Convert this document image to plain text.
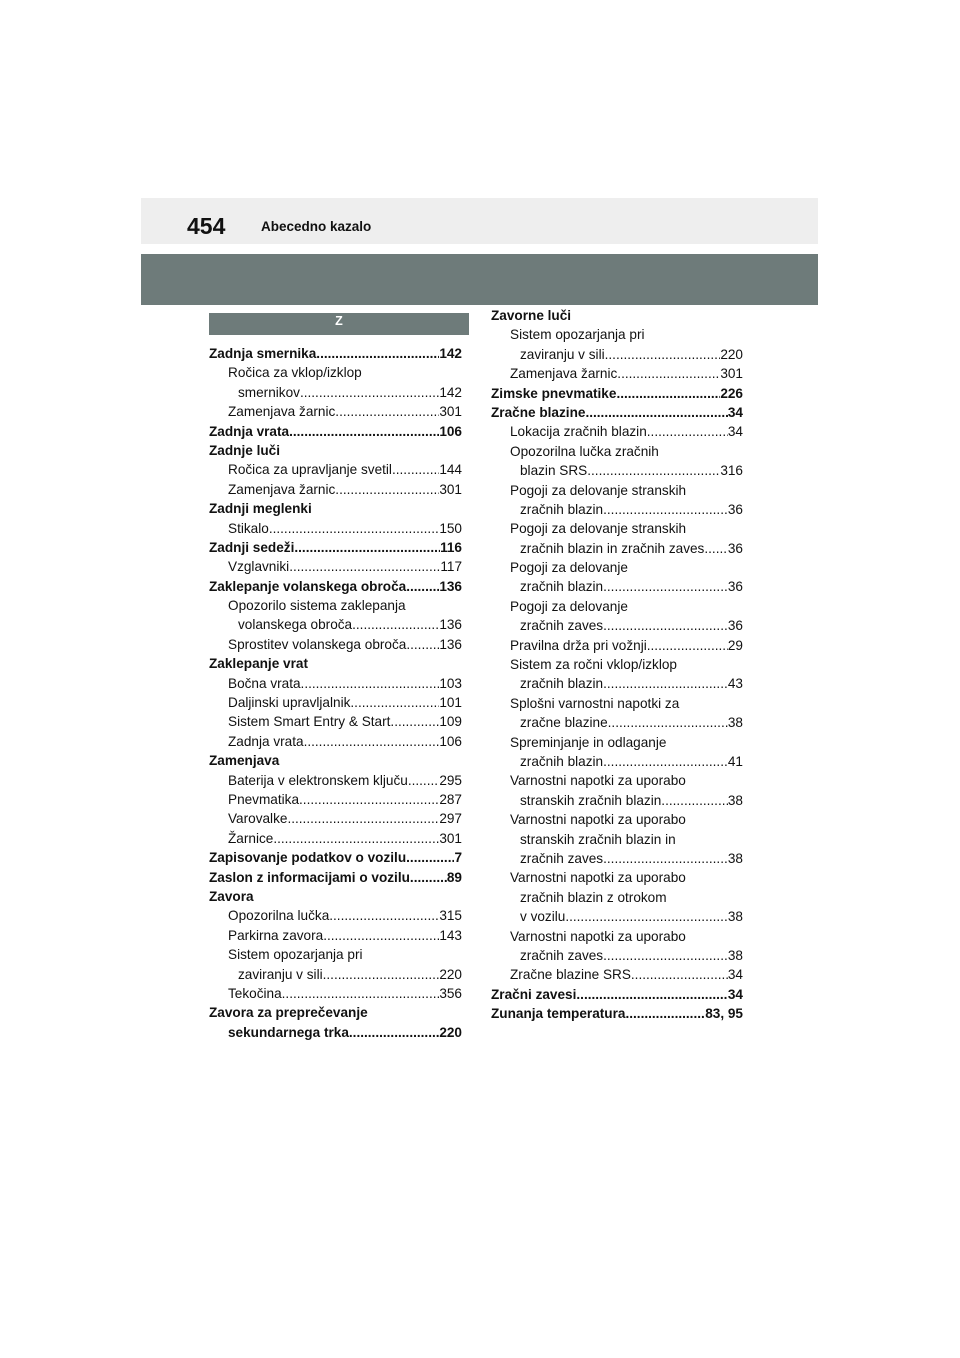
454	Abecedno kazalo
Z
Zadnja smernika .....	142
Ročica za vklop/izklop
smernikov .....	142
Zamenjava žarnic .....	301
Zadnja vrata .....	106
Zadnje luči
Ročica za upravljanje svetil .....	144
Zamenjava žarnic .....	301
Zadnji meglenki
Stikalo .....	150
Zadnji sedeži .....	116
Vzglavniki .....	117
Zaklepanje volanskega obroča ..... 136
Opozorilo sistema zaklepanja
volanskega obroča .....	136
Sprostitev volanskega obroča ..... 136
Zaklepanje vrat
Bočna vrata .....	103
Daljinski upravljalnik .....	101
Sistem Smart Entry & Start .....	109
Zadnja vrata .....	106
Zamenjava
Baterija v elektronskem ključu ..... 295
Pnevmatika .....	287
Varovalke .....	297
Žarnice .....	301
Zapisovanje podatkov o vozilu .....	7
Zaslon z informacijami o vozilu .....	89
Zavora
Opozorilna lučka .....	315
Parkirna zavora .....	143
Sistem opozarjanja pri
zaviranju v sili .....	220
Tekočina .....	356
Zavora za preprečevanje
sekundarnega trka .....	220
Zavorne luči
Sistem opozarjanja pri
zaviranju v sili .....	220
Zamenjava žarnic .....	301
Zimske pnevmatike .....	226
Zračne blazine .....	34
Lokacija zračnih blazin .....	34
Opozorilna lučka zračnih
blazin SRS .....	316
Pogoji za delovanje stranskih
zračnih blazin .....	36
Pogoji za delovanje stranskih
zračnih blazin in zračnih zaves ..... 36
Pogoji za delovanje
zračnih blazin .....	36
Pogoji za delovanje
zračnih zaves .....	36
Pravilna drža pri vožnji .....	29
Sistem za ročni vklop/izklop
zračnih blazin .....	43
Splošni varnostni napotki za
zračne blazine .....	38
Spreminjanje in odlaganje
zračnih blazin .....	41
Varnostni napotki za uporabo
stranskih zračnih blazin .....	38
Varnostni napotki za uporabo
stranskih zračnih blazin in
zračnih zaves .....	38
Varnostni napotki za uporabo
zračnih blazin z otrokom
v vozilu .....	38
Varnostni napotki za uporabo
zračnih zaves .....	38
Zračne blazine SRS .....	34
Zračni zavesi .....	34
Zunanja temperatura .....	83, 95
